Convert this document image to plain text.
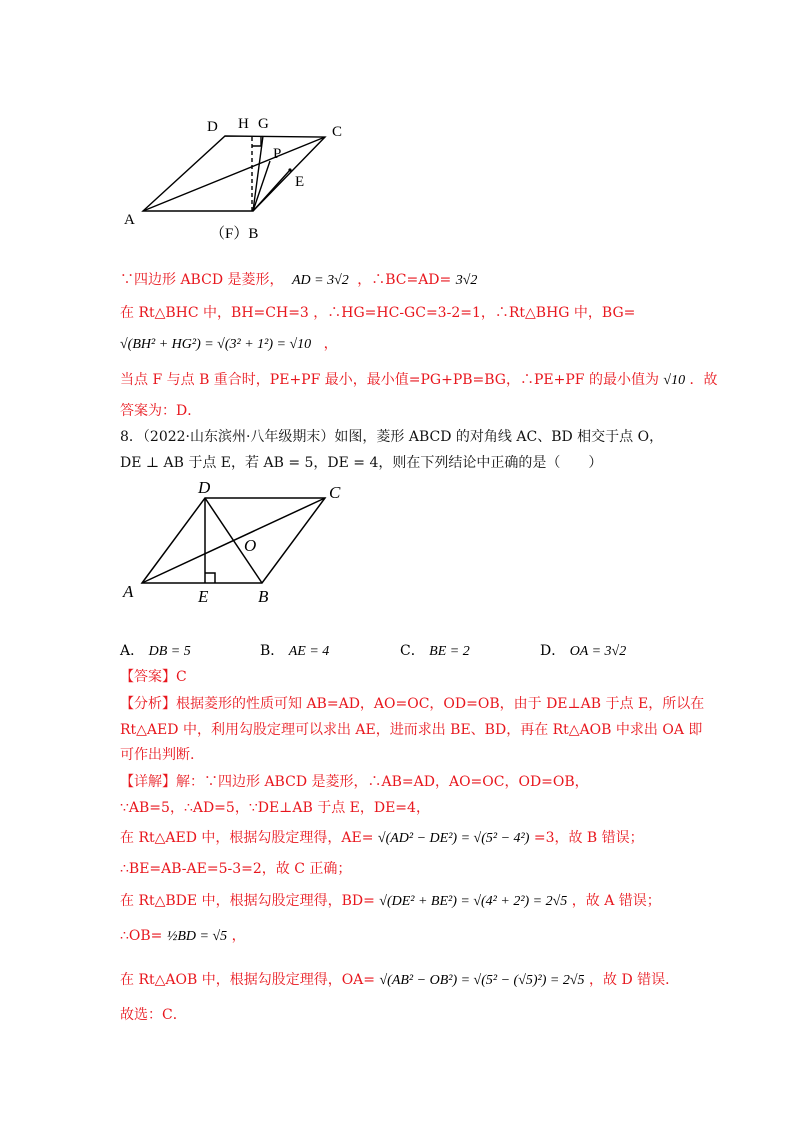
D H G	C
P
E
A
（F）B
∵四边形 ABCD 是菱形， AD = 3√2 ，∴BC=AD= 3√2
在 Rt△BHC 中，BH=CH=3 ，∴HG=HC-GC=3-2=1，∴Rt△BHG 中，BG=
√(BH² + HG²) = √(3² + 1²) = √10 ，
当点 F 与点 B 重合时，PE+PF 最小，最小值=PG+PB=BG，∴PE+PF 的最小值为 √10 ．故
答案为：D．
8．（2022·山东滨州·八年级期末）如图，菱形 ABCD 的对角线 AC、BD 相交于点 O，
DE ⊥ AB 于点 E，若 AB = 5，DE = 4，则在下列结论中正确的是（　　）
D	C
O
A	E	B
A． DB = 5	B． AE = 4	C． BE = 2	D． OA = 3√2
【答案】C
【分析】根据菱形的性质可知 AB=AD，AO=OC，OD=OB，由于 DE⊥AB 于点 E，所以在
Rt△AED 中，利用勾股定理可以求出 AE，进而求出 BE、BD，再在 Rt△AOB 中求出 OA 即
可作出判断.
【详解】解：∵四边形 ABCD 是菱形，∴AB=AD，AO=OC，OD=OB，
∵AB=5，∴AD=5，∵DE⊥AB 于点 E，DE=4，
在 Rt△AED 中，根据勾股定理得，AE= √(AD² − DE²) = √(5² − 4²) =3，故 B 错误；
∴BE=AB-AE=5-3=2，故 C 正确；
在 Rt△BDE 中，根据勾股定理得，BD= √(DE² + BE²) = √(4² + 2²) = 2√5 ，故 A 错误；
∴OB= ½BD = √5 ，
在 Rt△AOB 中，根据勾股定理得，OA= √(AB² − OB²) = √(5² − (√5)²) = 2√5 ，故 D 错误．
故选：C．
